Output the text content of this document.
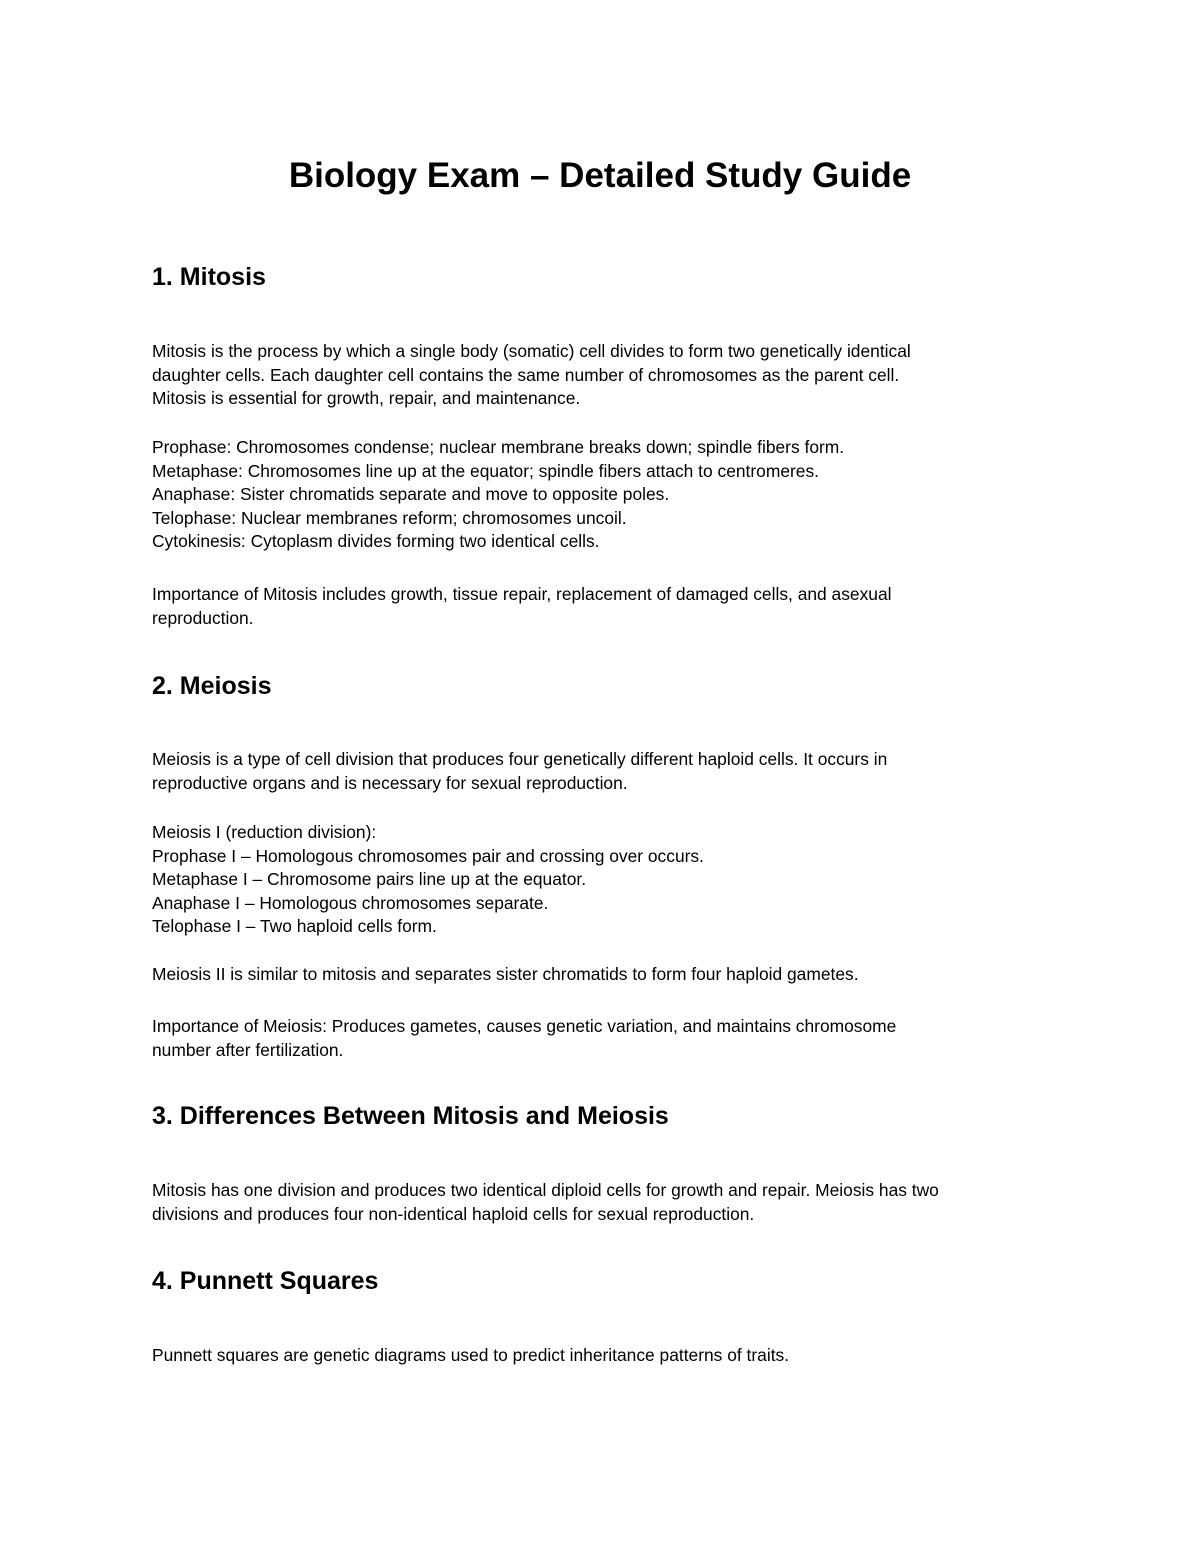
Biology Exam – Detailed Study Guide
1. Mitosis

Mitosis is the process by which a single body (somatic) cell divides to form two genetically identical
daughter cells. Each daughter cell contains the same number of chromosomes as the parent cell.
Mitosis is essential for growth, repair, and maintenance.

Prophase: Chromosomes condense; nuclear membrane breaks down; spindle fibers form.
Metaphase: Chromosomes line up at the equator; spindle fibers attach to centromeres.
Anaphase: Sister chromatids separate and move to opposite poles.
Telophase: Nuclear membranes reform; chromosomes uncoil.
Cytokinesis: Cytoplasm divides forming two identical cells.

Importance of Mitosis includes growth, tissue repair, replacement of damaged cells, and asexual
reproduction.

2. Meiosis

Meiosis is a type of cell division that produces four genetically different haploid cells. It occurs in
reproductive organs and is necessary for sexual reproduction.

Meiosis I (reduction division):
Prophase I – Homologous chromosomes pair and crossing over occurs.
Metaphase I – Chromosome pairs line up at the equator.
Anaphase I – Homologous chromosomes separate.
Telophase I – Two haploid cells form.

Meiosis II is similar to mitosis and separates sister chromatids to form four haploid gametes.

Importance of Meiosis: Produces gametes, causes genetic variation, and maintains chromosome
number after fertilization.

3. Differences Between Mitosis and Meiosis

Mitosis has one division and produces two identical diploid cells for growth and repair. Meiosis has two
divisions and produces four non-identical haploid cells for sexual reproduction.

4. Punnett Squares

Punnett squares are genetic diagrams used to predict inheritance patterns of traits.
